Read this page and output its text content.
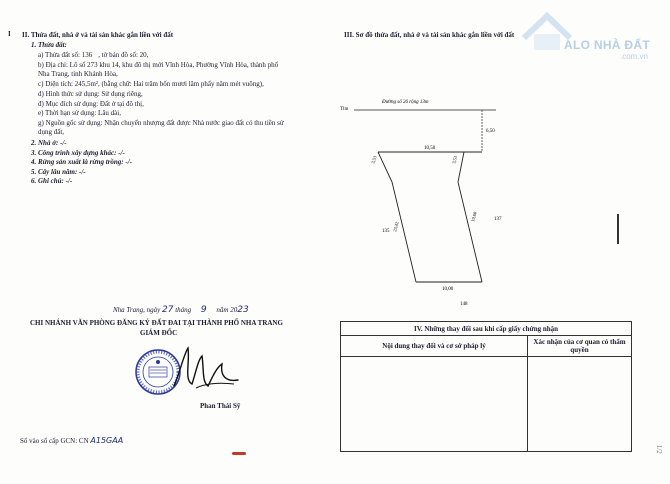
I II. Thửa đất, nhà ở và tài sản khác gắn liền với đất
1. Thửa đất:
a) Thửa đất số: 136 , tờ bản đồ số: 20,
b) Địa chỉ: Lô số 273 khu 14, khu đô thị mới Vĩnh Hòa, Phường Vĩnh Hòa, thành phố
Nha Trang, tỉnh Khánh Hòa,
c) Diện tích: 245,5m², (bằng chữ: Hai trăm bốn mươi lăm phẩy năm mét vuông),
d) Hình thức sử dụng: Sử dụng riêng,
đ) Mục đích sử dụng: Đất ở tại đô thị,
e) Thời hạn sử dụng: Lâu dài,
g) Nguồn gốc sử dụng: Nhận chuyển nhượng đất được Nhà nước giao đất có thu tiền sử
dụng đất,
2. Nhà ở: -/-
3. Công trình xây dựng khác: -/-
4. Rừng sản xuất là rừng trồng: -/-
5. Cây lâu năm: -/-
6. Ghi chú: -/-
Nha Trang, ngày 27 tháng 9 năm 2023
CHI NHÁNH VĂN PHÒNG ĐĂNG KÝ ĐẤT ĐAI TẠI THÀNH PHỐ NHA TRANG
GIÁM ĐỐC
Phan Thái Sỹ
Số vào sổ cấp GCN: CN A15GAA
III. Sơ đồ thửa đất, nhà ở và tài sản khác gắn liền với đất
Tlm
Đường số 26 rộng 13m
6,50
10,50
3,53	3,53
23,42
19,60
10,00
135
137
148
IV. Những thay đổi sau khi cấp giấy chứng nhận	
Nội dung thay đổi và cơ sở pháp lý	Xác nhận của cơ quan có thẩm quyền

1/2
ALO NHÀ ĐẤT
.com.vn
